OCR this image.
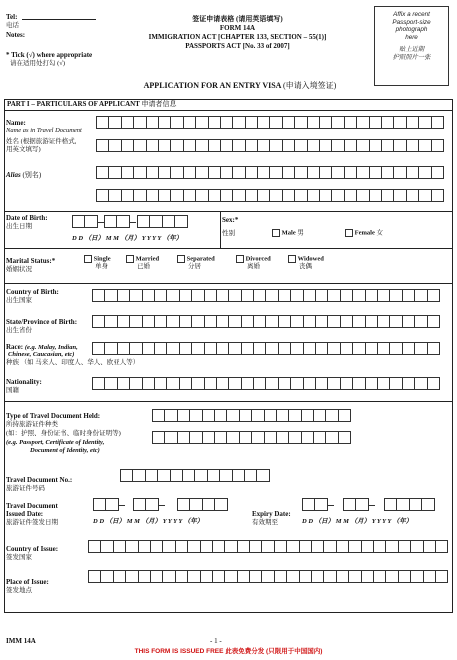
Tel:
电话
Notes:
* Tick (√) where appropriate
请在适用处打勾 (√)
签证申请表格 (请用英语填写)
FORM 14A
IMMIGRATION ACT [CHAPTER 133, SECTION – 55(1)]
PASSPORTS ACT [No. 33 of 2007]
Affix a recent
Passport-size
photograph
here
贴上近期
护照照片一张
APPLICATION FOR AN ENTRY VISA (申请入境签证)
PART I – PARTICULARS OF APPLICANT 申请者信息
Name:
Name as in Travel Document
姓名 (根据旅游证件格式,
用英文填写)
Alias (别名)
Date of Birth:
出生日期
D D （日） M M （月） Y Y Y Y （年）
Sex:*
性别	Male 男	Female 女
Marital Status:*
婚姻状况
Single
单身
Married
已婚
Separated
分居
Divorced
离婚
Widowed
丧偶
Country of Birth:
出生国家
State/Province of Birth:
出生省份
Race: (e.g. Malay, Indian,
Chinese, Caucasian, etc)
种族 （如 马来人、印度人、华人、欧亚人等）
Nationality:
国籍
Type of Travel Document Held:
所持旅游证件种类
(如：护照、身份证书、临时身份证明等)
(e.g. Passport, Certificate of Identity,
Document of Identity, etc)
Travel Document No.:
旅游证件号码
Travel Document
Issued Date:
旅游证件签发日期	D D （日） M M （月） Y Y Y Y （年）
Expiry Date:
有效期至	D D （日） M M （月） Y Y Y Y （年）
Country of Issue:
签发国家
Place of Issue:
签发地点
IMM 14A	- 1 -
THIS FORM IS ISSUED FREE 此表免费分发 (只限用于中国国内)
